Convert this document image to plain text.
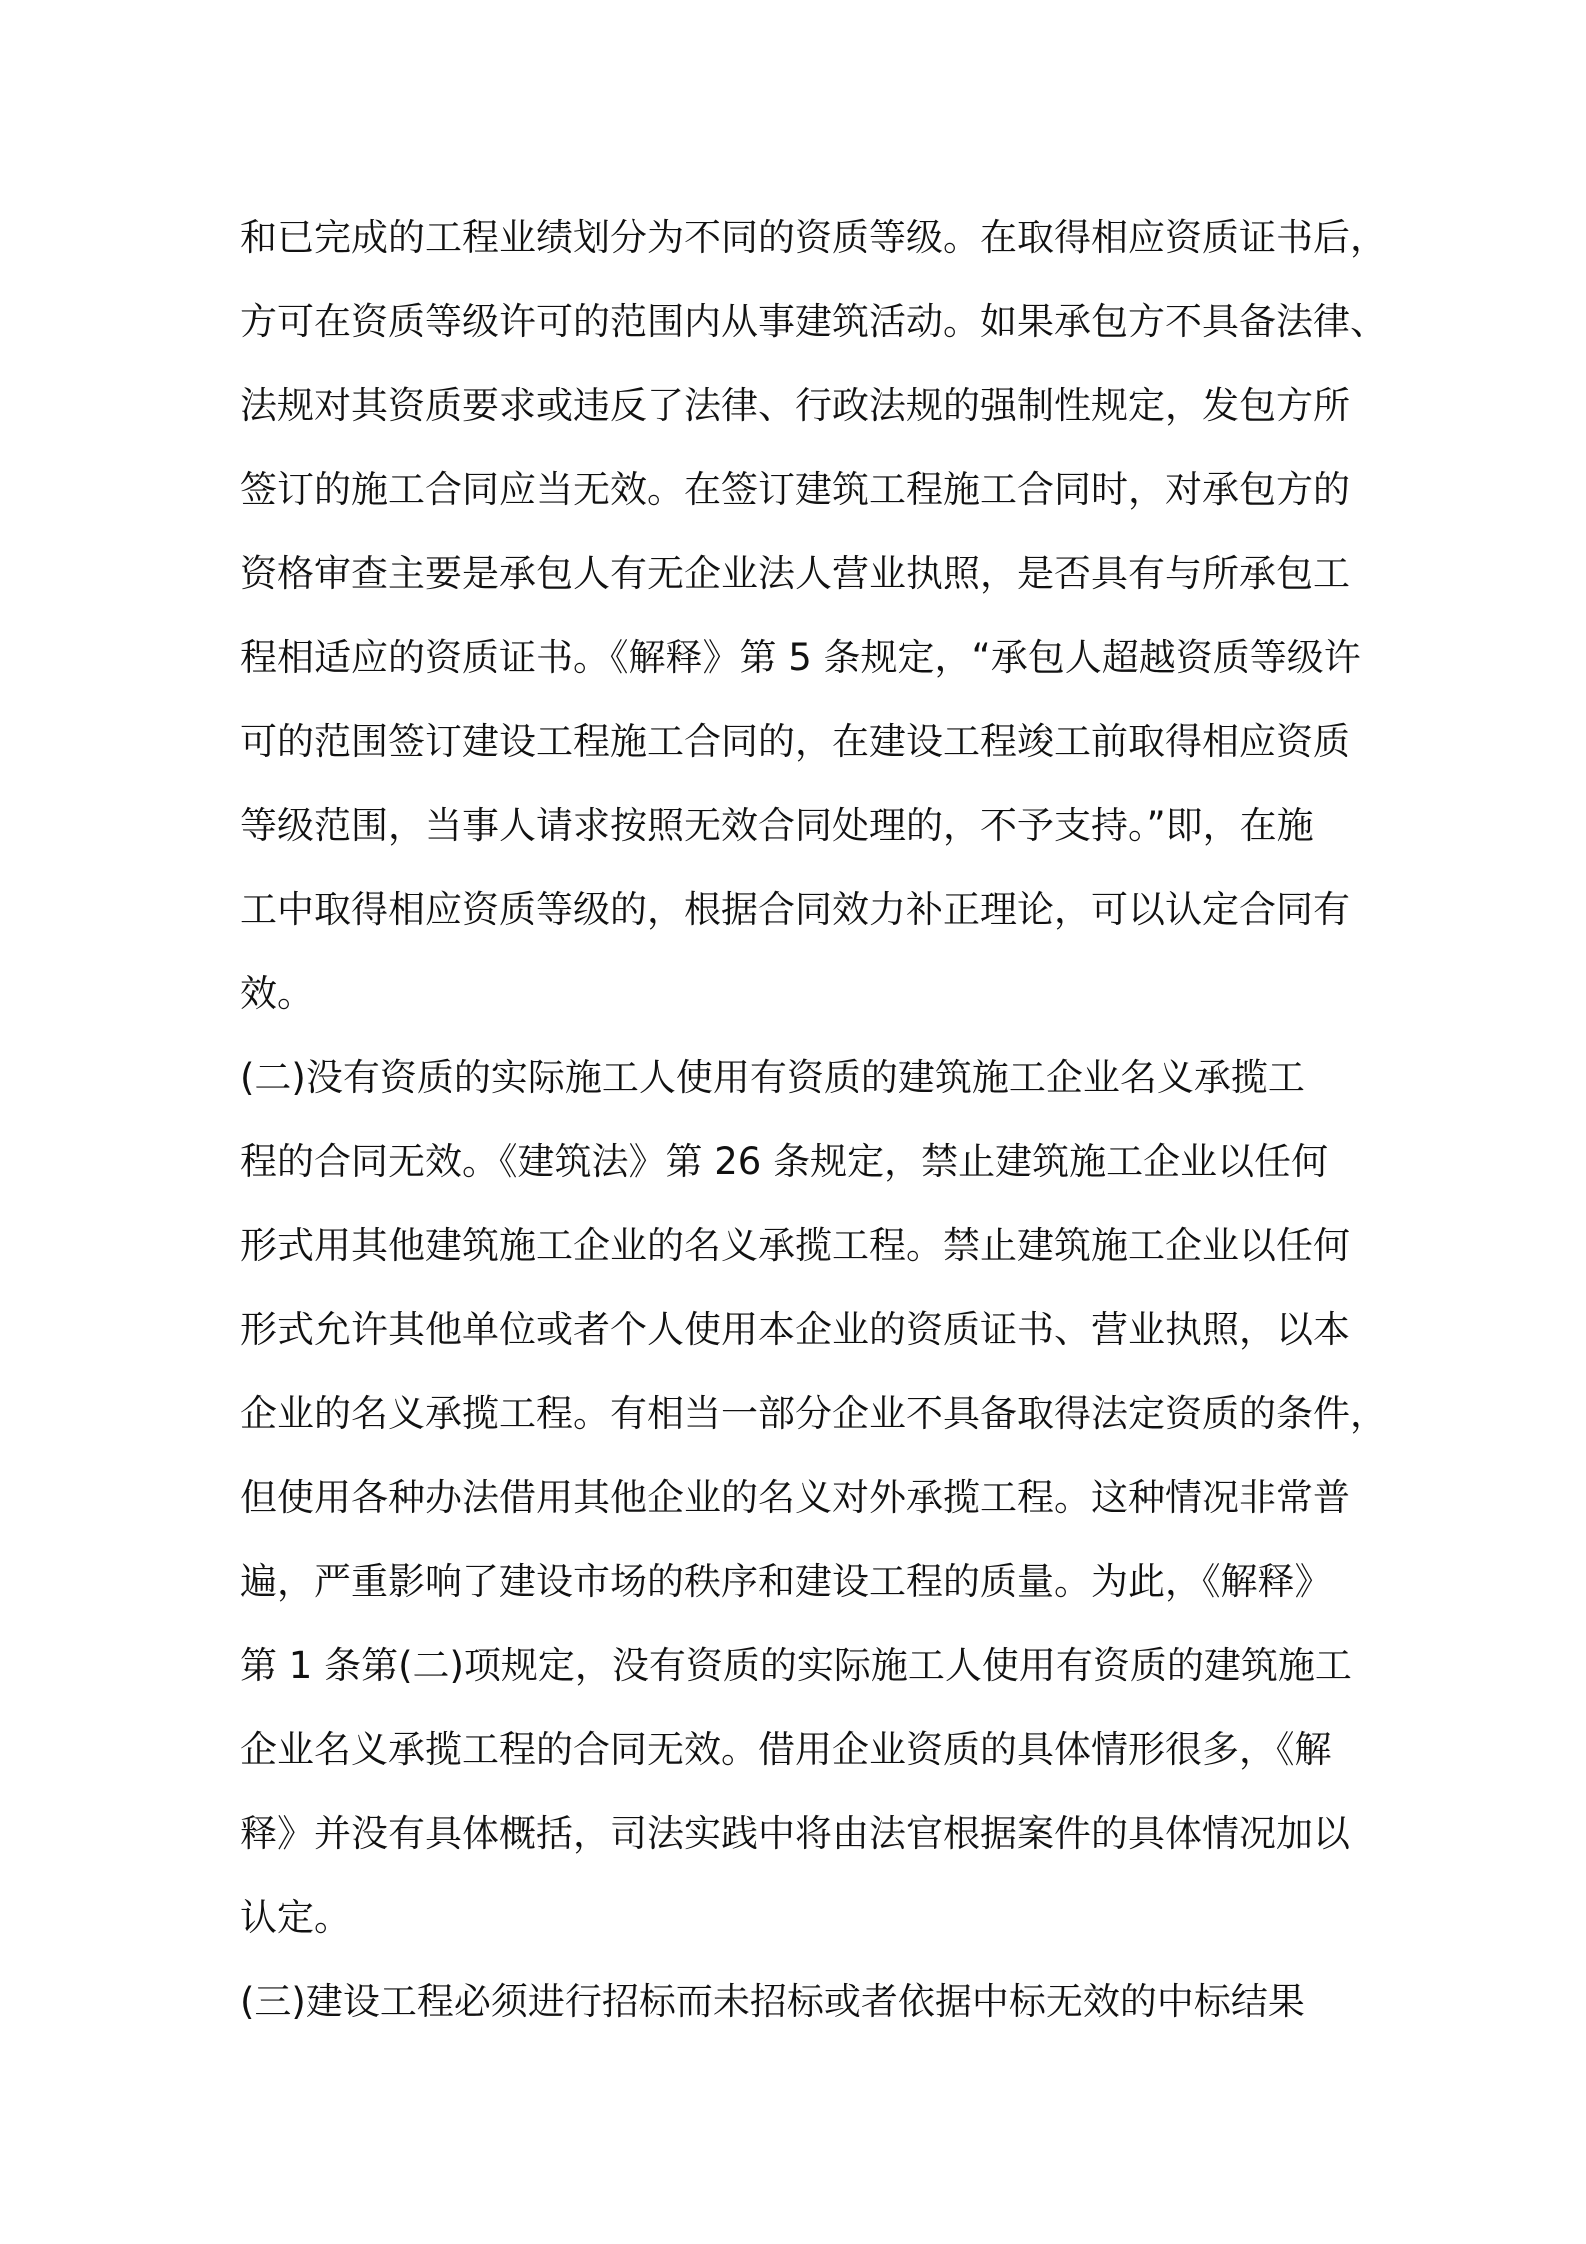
和已完成的工程业绩划分为不同的资质等级。在取得相应资质证书后，
方可在资质等级许可的范围内从事建筑活动。如果承包方不具备法律、
法规对其资质要求或违反了法律、行政法规的强制性规定，发包方所
签订的施工合同应当无效。在签订建筑工程施工合同时，对承包方的
资格审查主要是承包人有无企业法人营业执照，是否具有与所承包工
程相适应的资质证书。《解释》第 5 条规定，“承包人超越资质等级许
可的范围签订建设工程施工合同的，在建设工程竣工前取得相应资质
等级范围，当事人请求按照无效合同处理的，不予支持。”即，在施
工中取得相应资质等级的，根据合同效力补正理论，可以认定合同有
效。
(二)没有资质的实际施工人使用有资质的建筑施工企业名义承揽工
程的合同无效。《建筑法》第 26 条规定，禁止建筑施工企业以任何
形式用其他建筑施工企业的名义承揽工程。禁止建筑施工企业以任何
形式允许其他单位或者个人使用本企业的资质证书、营业执照，以本
企业的名义承揽工程。有相当一部分企业不具备取得法定资质的条件，
但使用各种办法借用其他企业的名义对外承揽工程。这种情况非常普
遍，严重影响了建设市场的秩序和建设工程的质量。为此，《解释》
第 1 条第(二)项规定，没有资质的实际施工人使用有资质的建筑施工
企业名义承揽工程的合同无效。借用企业资质的具体情形很多，《解
释》并没有具体概括，司法实践中将由法官根据案件的具体情况加以
认定。
(三)建设工程必须进行招标而未招标或者依据中标无效的中标结果
